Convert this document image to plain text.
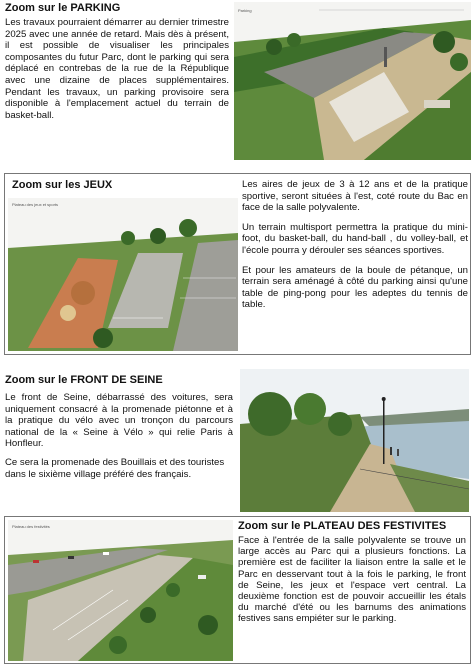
Zoom sur le PARKING

Les travaux pourraient démarrer au dernier trimestre 2025 avec une année de retard. Mais dès à présent, il est possible de visualiser les principales composantes du futur Parc, dont le parking qui sera déplacé en contrebas de la rue de la République avec une dizaine de places supplémentaires. Pendant les travaux, un parking provisoire sera disponible à l'emplacement actuel du terrain de basket-ball.

Parking
Zoom sur les JEUX
Plateau des jeux et sports

Les aires de jeux de 3 à 12 ans et de la pratique sportive, seront situées à l'est, coté route du Bac en face de la salle polyvalente.

Un terrain multisport permettra la pratique du mini-foot, du basket-ball, du hand-ball , du volley-ball, et l'école pourra y dérouler ses séances sportives.

Et pour les amateurs de la boule de pétanque, un terrain sera aménagé à côté du parking ainsi qu'une table de ping-pong pour les adeptes du tennis de table.

Zoom sur le FRONT DE SEINE

Le front de Seine, débarrassé des voitures, sera uniquement consacré à la promenade piétonne et à la pratique du vélo avec un tronçon du parcours national de la « Seine à Vélo » qui relie Paris à Honfleur.

Ce sera la promenade des Bouillais et des touristes dans le sixième village préféré des français.

Plateau des festivités	Zoom sur le PLATEAU DES FESTIVITES

Face à l'entrée de la salle polyvalente se trouve un large accès au Parc qui a plusieurs fonctions. La première est de faciliter la liaison entre la salle et le Parc en desservant tout à la fois le parking, le front de Seine, les jeux et l'espace vert central. La deuxième fonction est de pouvoir accueillir les étals du marché d'été ou les barnums des animations festives sans empiéter sur le parking.
